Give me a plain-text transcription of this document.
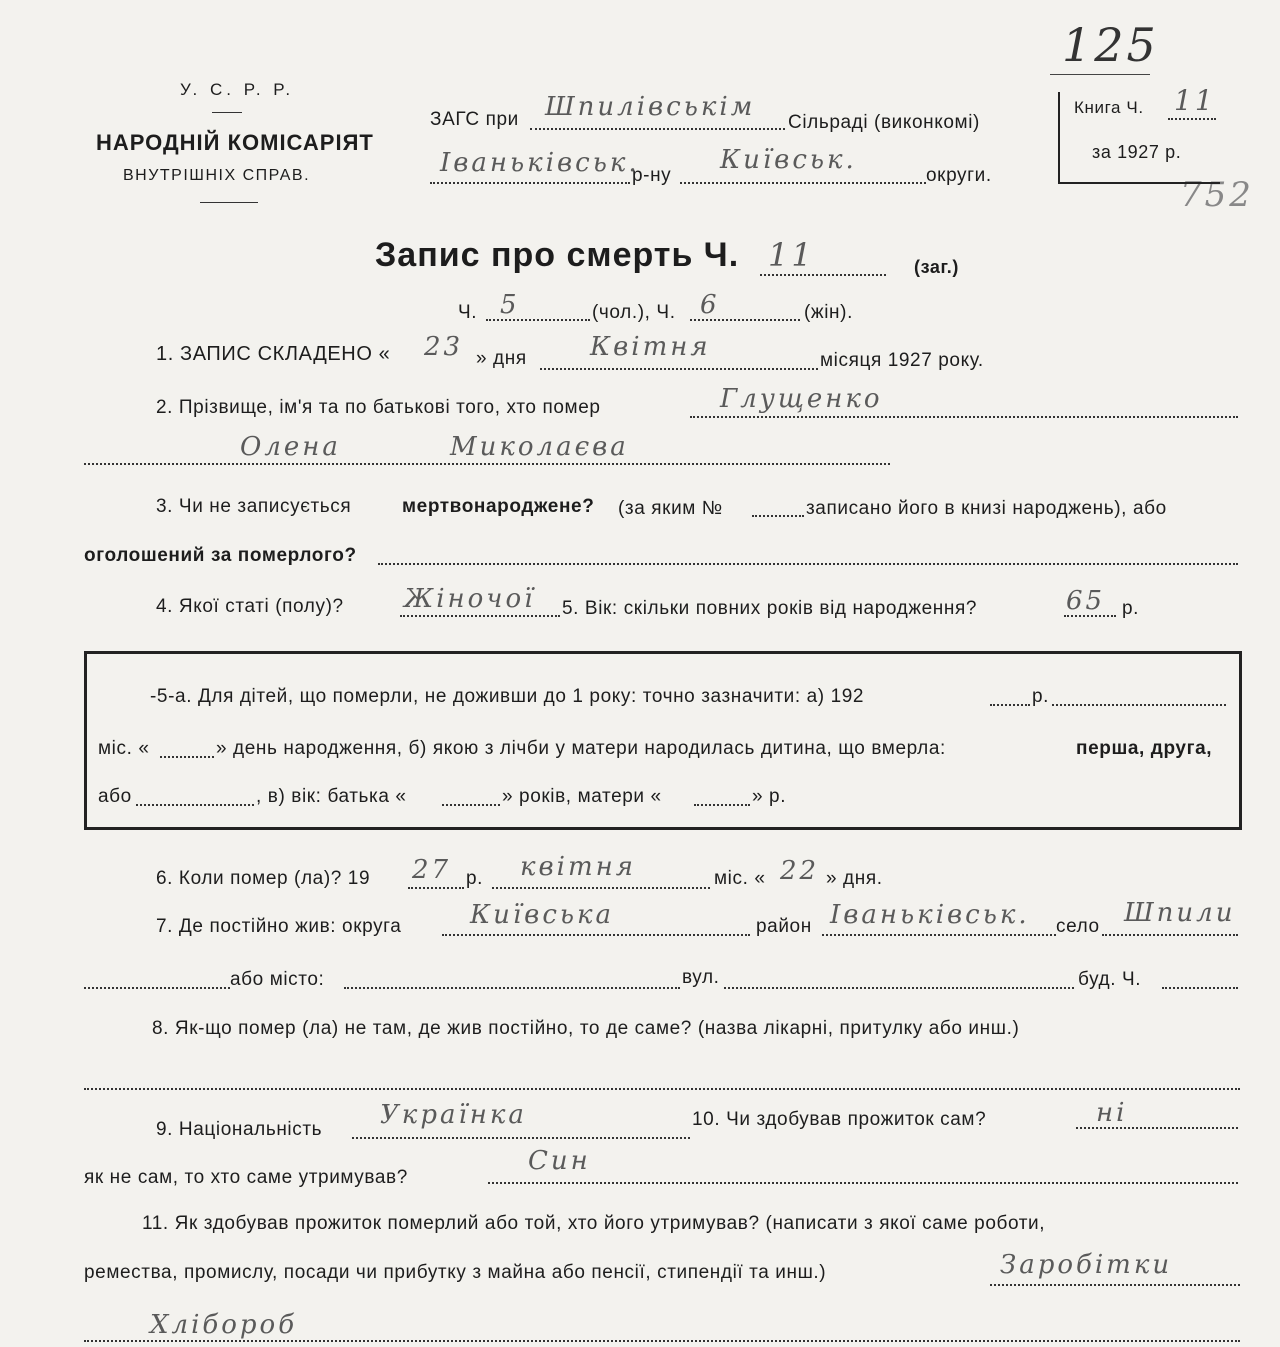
У. С. Р. Р.
НАРОДНІЙ КОМІСАРІЯТ
ВНУТРІШНІХ СПРАВ.
125
752
ЗАГС при Шпилівськім
Сільраді (виконкомі)
Іваньківськ.
р-ну
Київськ.
округи.
Книга Ч. 11
за 1927 р.
Запис про смерть Ч. 11	(заг.)
Ч. 5	(чол.), Ч. 6	(жін).
1. ЗАПИС СКЛАДЕНО « 23 » дня Квітня	місяця 1927 року.
2. Прізвище, ім'я та по батькові того, хто помер	Глущенко
Олена	Миколаєва
3. Чи не записується	мертвонароджене? (за яким №	записано його в книзі народжень), або
оголошений за померлого?
4. Якої статі (полу)? Жіночої 5. Вік: скільки повних років від народження?	65 р.
-5-а. Для дітей, що померли, не доживши до 1 року: точно зазначити: а) 192	р.
міс. «	» день народження, б) якою з лічби у матери народилась дитина, що вмерла:	перша, друга,
або	, в) вік: батька «	» років, матери «	» р.
6. Коли помер (ла)? 19 27 р. квітня	міс. « 22 » дня.
7. Де постійно жив: округа	Київська	район Іваньківськ. село Шпили
або місто:	вул.	буд. Ч.
8. Як-що помер (ла) не там, де жив постійно, то де саме? (назва лікарні, притулку або инш.)
9. Національність Українка	10. Чи здобував прожиток сам?	ні
як не сам, то хто саме утримував?
Син
11. Як здобував прожиток померлий або той, хто його утримував? (написати з якої саме роботи,
ремества, промислу, посади чи прибутку з майна або пенсії, стипендії та инш.)	Заробітки
Хлібороб
